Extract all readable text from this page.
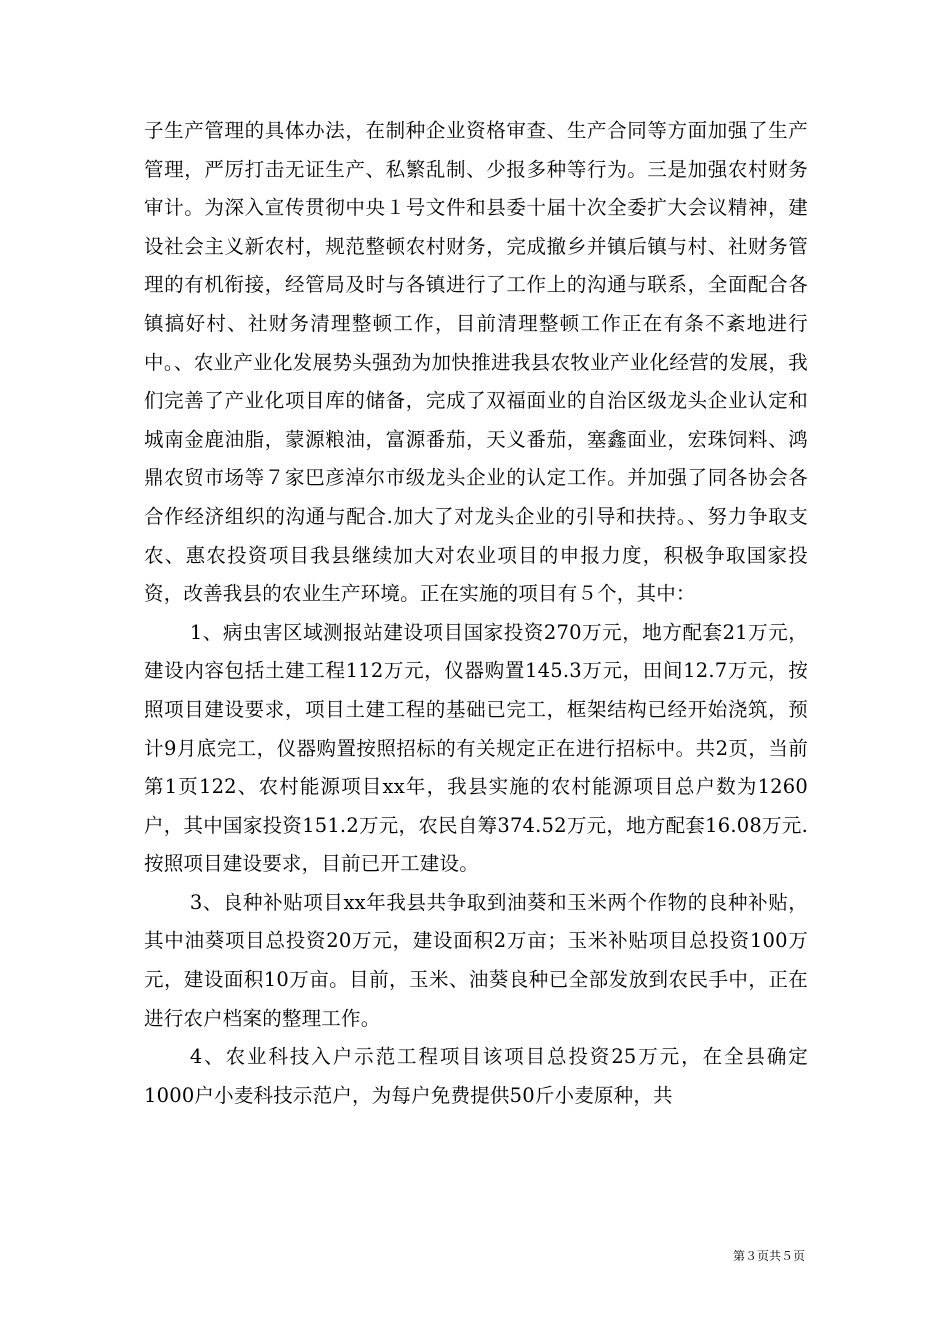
子生产管理的具体办法，在制种企业资格审查、生产合同等方面加强了生产管理，严厉打击无证生产、私繁乱制、少报多种等行为。三是加强农村财务审计。为深入宣传贯彻中央１号文件和县委十届十次全委扩大会议精神，建设社会主义新农村，规范整顿农村财务，完成撤乡并镇后镇与村、社财务管理的有机衔接，经管局及时与各镇进行了工作上的沟通与联系，全面配合各镇搞好村、社财务清理整顿工作，目前清理整顿工作正在有条不紊地进行中。、农业产业化发展势头强劲为加快推进我县农牧业产业化经营的发展，我们完善了产业化项目库的储备，完成了双福面业的自治区级龙头企业认定和城南金鹿油脂，蒙源粮油，富源番茄，天义番茄，塞鑫面业，宏珠饲料、鸿鼎农贸市场等７家巴彦淖尔市级龙头企业的认定工作。并加强了同各协会各合作经济组织的沟通与配合.加大了对龙头企业的引导和扶持。、努力争取支农、惠农投资项目我县继续加大对农业项目的申报力度，积极争取国家投资，改善我县的农业生产环境。正在实施的项目有５个，其中：

1、病虫害区域测报站建设项目国家投资270万元，地方配套21万元，建设内容包括土建工程112万元，仪器购置145.3万元，田间12.7万元，按照项目建设要求，项目土建工程的基础已完工，框架结构已经开始浇筑，预计9月底完工，仪器购置按照招标的有关规定正在进行招标中。共2页，当前第1页122、农村能源项目xx年，我县实施的农村能源项目总户数为1260户，其中国家投资151.2万元，农民自筹374.52万元，地方配套16.08万元.按照项目建设要求，目前已开工建设。

3、良种补贴项目xx年我县共争取到油葵和玉米两个作物的良种补贴，其中油葵项目总投资20万元，建设面积2万亩；玉米补贴项目总投资100万元，建设面积10万亩。目前，玉米、油葵良种已全部发放到农民手中，正在进行农户档案的整理工作。

4、农业科技入户示范工程项目该项目总投资25万元，在全县确定1000户小麦科技示范户，为每户免费提供50斤小麦原种，共

第３页共５页
